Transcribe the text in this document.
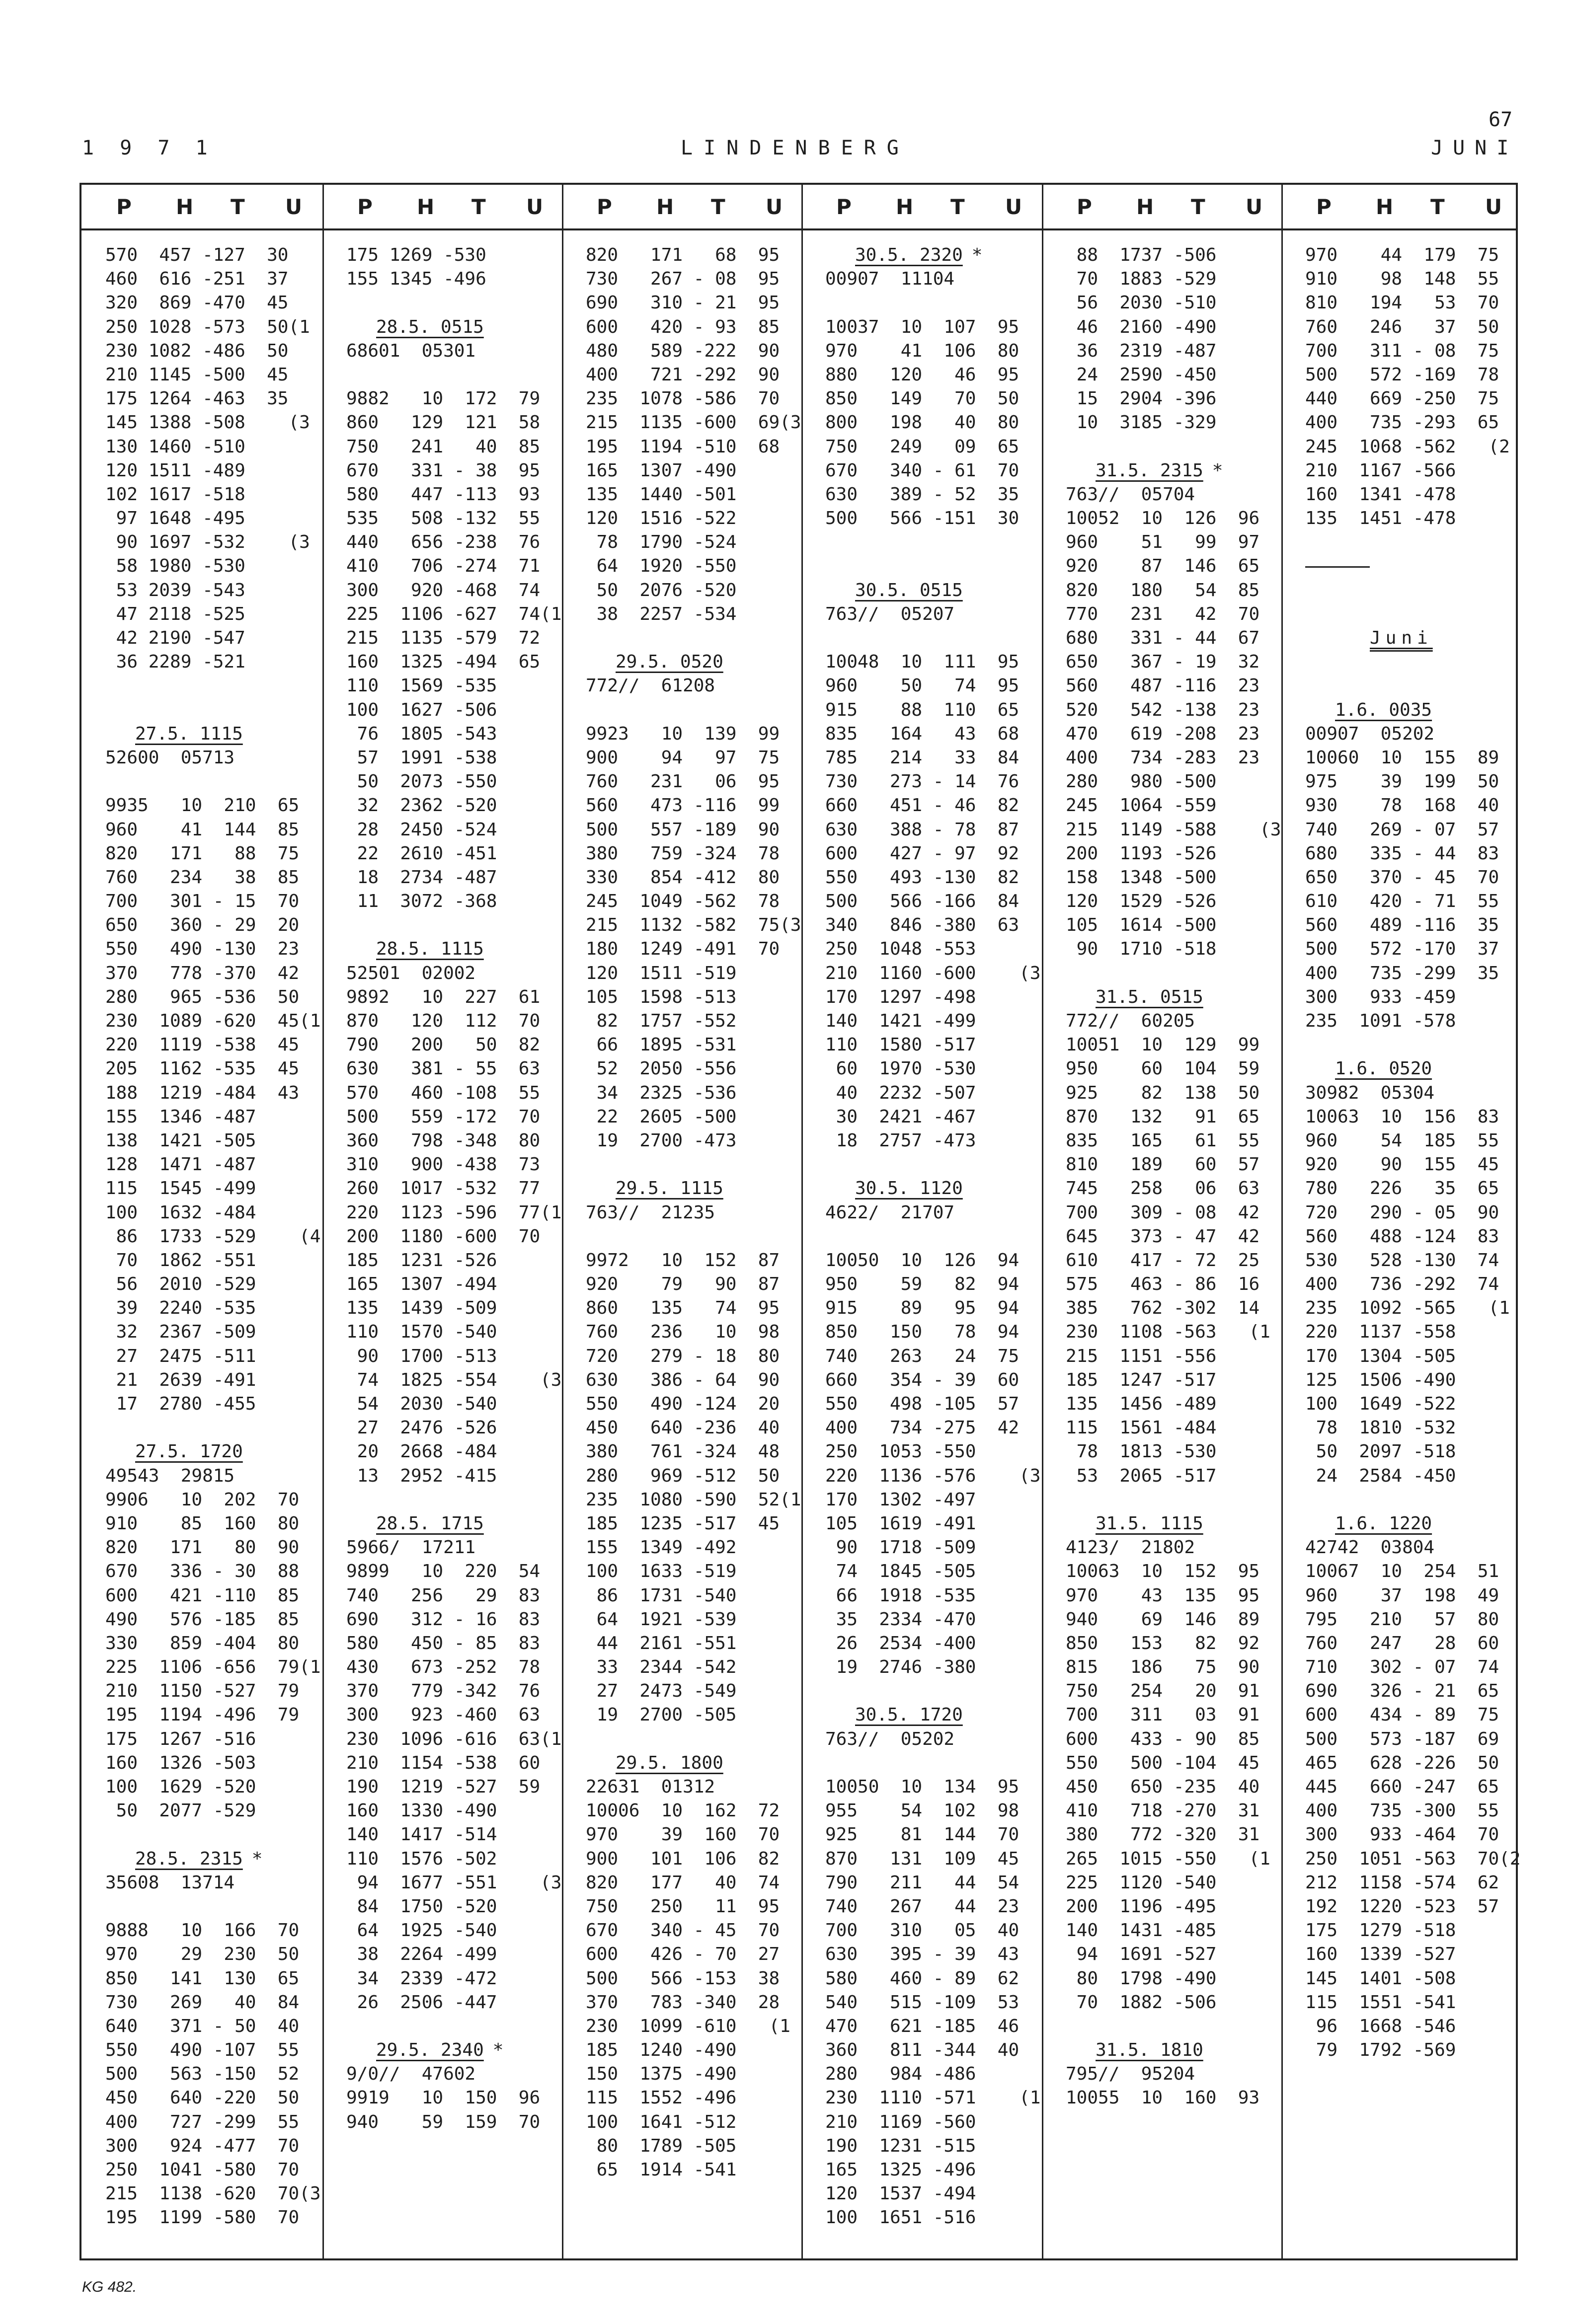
67
1 9 7 1	LINDENBERG	JUNI
P H T U	P H T U	P H T U	P H T U	P H T U	P H T U
570  457 -127  30
460  616 -251  37
320  869 -470  45
250 1028 -573  50(1
230 1082 -486  50
210 1145 -500  45
175 1264 -463  35
145 1388 -508    (3
130 1460 -510
120 1511 -489
102 1617 -518
97 1648 -495
90 1697 -532    (3
58 1980 -530
53 2039 -543
47 2118 -525
42 2190 -547
36 2289 -521
27.5. 1115
52600  05713
9935   10  210  65
960    41  144  85
820   171   88  75
760   234   38  85
700   301 - 15  70
650   360 - 29  20
550   490 -130  23
370   778 -370  42
280   965 -536  50
230  1089 -620  45(1
220  1119 -538  45
205  1162 -535  45
188  1219 -484  43
155  1346 -487
138  1421 -505
128  1471 -487
115  1545 -499
100  1632 -484
86  1733 -529    (4
70  1862 -551
56  2010 -529
39  2240 -535
32  2367 -509
27  2475 -511
21  2639 -491
17  2780 -455
27.5. 1720
49543  29815
9906   10  202  70
910    85  160  80
820   171   80  90
670   336 - 30  88
600   421 -110  85
490   576 -185  85
330   859 -404  80
225  1106 -656  79(1
210  1150 -527  79
195  1194 -496  79
175  1267 -516
160  1326 -503
100  1629 -520
50  2077 -529
28.5. 2315 *
35608  13714
9888   10  166  70
970    29  230  50
850   141  130  65
730   269   40  84
640   371 - 50  40
550   490 -107  55
500   563 -150  52
450   640 -220  50
400   727 -299  55
300   924 -477  70
250  1041 -580  70
215  1138 -620  70(3
195  1199 -580  70
175 1269 -530
155 1345 -496
28.5. 0515
68601  05301
9882   10  172  79
860   129  121  58
750   241   40  85
670   331 - 38  95
580   447 -113  93
535   508 -132  55
440   656 -238  76
410   706 -274  71
300   920 -468  74
225  1106 -627  74(1
215  1135 -579  72
160  1325 -494  65
110  1569 -535
100  1627 -506
76  1805 -543
57  1991 -538
50  2073 -550
32  2362 -520
28  2450 -524
22  2610 -451
18  2734 -487
11  3072 -368
28.5. 1115
52501  02002
9892   10  227  61
870   120  112  70
790   200   50  82
630   381 - 55  63
570   460 -108  55
500   559 -172  70
360   798 -348  80
310   900 -438  73
260  1017 -532  77
220  1123 -596  77(1
200  1180 -600  70
185  1231 -526
165  1307 -494
135  1439 -509
110  1570 -540
90  1700 -513
74  1825 -554    (3
54  2030 -540
27  2476 -526
20  2668 -484
13  2952 -415
28.5. 1715
5966/  17211
9899   10  220  54
740   256   29  83
690   312 - 16  83
580   450 - 85  83
430   673 -252  78
370   779 -342  76
300   923 -460  63
230  1096 -616  63(1
210  1154 -538  60
190  1219 -527  59
160  1330 -490
140  1417 -514
110  1576 -502
94  1677 -551    (3
84  1750 -520
64  1925 -540
38  2264 -499
34  2339 -472
26  2506 -447
29.5. 2340 *
9/0//  47602
9919   10  150  96
940    59  159  70
820   171   68  95
730   267 - 08  95
690   310 - 21  95
600   420 - 93  85
480   589 -222  90
400   721 -292  90
235  1078 -586  70
215  1135 -600  69(3
195  1194 -510  68
165  1307 -490
135  1440 -501
120  1516 -522
78  1790 -524
64  1920 -550
50  2076 -520
38  2257 -534
29.5. 0520
772//  61208
9923   10  139  99
900    94   97  75
760   231   06  95
560   473 -116  99
500   557 -189  90
380   759 -324  78
330   854 -412  80
245  1049 -562  78
215  1132 -582  75(3
180  1249 -491  70
120  1511 -519
105  1598 -513
82  1757 -552
66  1895 -531
52  2050 -556
34  2325 -536
22  2605 -500
19  2700 -473
29.5. 1115
763//  21235
9972   10  152  87
920    79   90  87
860   135   74  95
760   236   10  98
720   279 - 18  80
630   386 - 64  90
550   490 -124  20
450   640 -236  40
380   761 -324  48
280   969 -512  50
235  1080 -590  52(1
185  1235 -517  45
155  1349 -492
100  1633 -519
86  1731 -540
64  1921 -539
44  2161 -551
33  2344 -542
27  2473 -549
19  2700 -505
29.5. 1800
22631  01312
10006  10  162  72
970    39  160  70
900   101  106  82
820   177   40  74
750   250   11  95
670   340 - 45  70
600   426 - 70  27
500   566 -153  38
370   783 -340  28
230  1099 -610   (1
185  1240 -490
150  1375 -490
115  1552 -496
100  1641 -512
80  1789 -505
65  1914 -541
30.5. 2320 *
00907  11104
10037  10  107  95
970    41  106  80
880   120   46  95
850   149   70  50
800   198   40  80
750   249   09  65
670   340 - 61  70
630   389 - 52  35
500   566 -151  30
30.5. 0515
763//  05207
10048  10  111  95
960    50   74  95
915    88  110  65
835   164   43  68
785   214   33  84
730   273 - 14  76
660   451 - 46  82
630   388 - 78  87
600   427 - 97  92
550   493 -130  82
500   566 -166  84
340   846 -380  63
250  1048 -553
210  1160 -600    (3
170  1297 -498
140  1421 -499
110  1580 -517
60  1970 -530
40  2232 -507
30  2421 -467
18  2757 -473
30.5. 1120
4622/  21707
10050  10  126  94
950    59   82  94
915    89   95  94
850   150   78  94
740   263   24  75
660   354 - 39  60
550   498 -105  57
400   734 -275  42
250  1053 -550
220  1136 -576    (3
170  1302 -497
105  1619 -491
90  1718 -509
74  1845 -505
66  1918 -535
35  2334 -470
26  2534 -400
19  2746 -380
30.5. 1720
763//  05202
10050  10  134  95
955    54  102  98
925    81  144  70
870   131  109  45
790   211   44  54
740   267   44  23
700   310   05  40
630   395 - 39  43
580   460 - 89  62
540   515 -109  53
470   621 -185  46
360   811 -344  40
280   984 -486
230  1110 -571    (1
210  1169 -560
190  1231 -515
165  1325 -496
120  1537 -494
100  1651 -516
88  1737 -506
70  1883 -529
56  2030 -510
46  2160 -490
36  2319 -487
24  2590 -450
15  2904 -396
10  3185 -329
31.5. 2315 *
763//  05704
10052  10  126  96
960    51   99  97
920    87  146  65
820   180   54  85
770   231   42  70
680   331 - 44  67
650   367 - 19  32
560   487 -116  23
520   542 -138  23
470   619 -208  23
400   734 -283  23
280   980 -500
245  1064 -559
215  1149 -588    (3
200  1193 -526
158  1348 -500
120  1529 -526
105  1614 -500
90  1710 -518
31.5. 0515
772//  60205
10051  10  129  99
950    60  104  59
925    82  138  50
870   132   91  65
835   165   61  55
810   189   60  57
745   258   06  63
700   309 - 08  42
645   373 - 47  42
610   417 - 72  25
575   463 - 86  16
385   762 -302  14
230  1108 -563   (1
215  1151 -556
185  1247 -517
135  1456 -489
115  1561 -484
78  1813 -530
53  2065 -517
31.5. 1115
4123/  21802
10063  10  152  95
970    43  135  95
940    69  146  89
850   153   82  92
815   186   75  90
750   254   20  91
700   311   03  91
600   433 - 90  85
550   500 -104  45
450   650 -235  40
410   718 -270  31
380   772 -320  31
265  1015 -550   (1
225  1120 -540
200  1196 -495
140  1431 -485
94  1691 -527
80  1798 -490
70  1882 -506
31.5. 1810
795//  95204
10055  10  160  93
970    44  179  75
910    98  148  55
810   194   53  70
760   246   37  50
700   311 - 08  75
500   572 -169  78
440   669 -250  75
400   735 -293  65
245  1068 -562   (2
210  1167 -566
160  1341 -478
135  1451 -478
Juni
1.6. 0035
00907  05202
10060  10  155  89
975    39  199  50
930    78  168  40
740   269 - 07  57
680   335 - 44  83
650   370 - 45  70
610   420 - 71  55
560   489 -116  35
500   572 -170  37
400   735 -299  35
300   933 -459
235  1091 -578
1.6. 0520
30982  05304
10063  10  156  83
960    54  185  55
920    90  155  45
780   226   35  65
720   290 - 05  90
560   488 -124  83
530   528 -130  74
400   736 -292  74
235  1092 -565   (1
220  1137 -558
170  1304 -505
125  1506 -490
100  1649 -522
78  1810 -532
50  2097 -518
24  2584 -450
1.6. 1220
42742  03804
10067  10  254  51
960    37  198  49
795   210   57  80
760   247   28  60
710   302 - 07  74
690   326 - 21  65
600   434 - 89  75
500   573 -187  69
465   628 -226  50
445   660 -247  65
400   735 -300  55
300   933 -464  70
250  1051 -563  70(2
212  1158 -574  62
192  1220 -523  57
175  1279 -518
160  1339 -527
145  1401 -508
115  1551 -541
96  1668 -546
79  1792 -569
KG 482.
